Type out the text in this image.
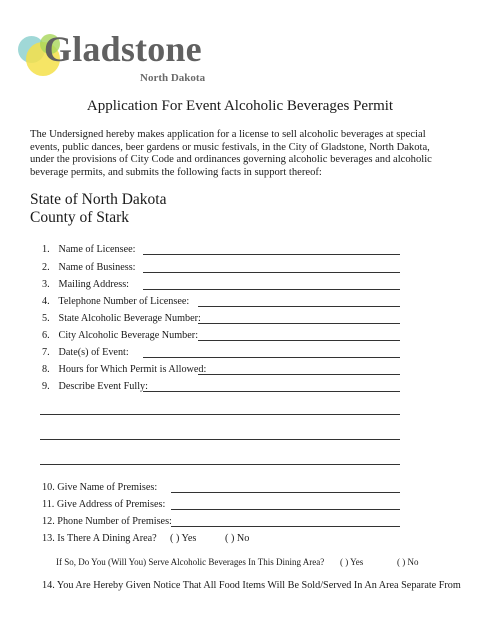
Gladstone
North Dakota
Application For Event Alcoholic Beverages Permit
The Undersigned hereby makes application for a license to sell alcoholic beverages at special events, public dances, beer gardens or music festivals, in the City of Gladstone, North Dakota, under the provisions of City Code and ordinances governing alcoholic beverages and alcoholic beverage permits, and submits the following facts in support thereof:
State of North Dakota
County of Stark
1. Name of Licensee:
2. Name of Business:
3. Mailing Address:
4. Telephone Number of Licensee:
5. State Alcoholic Beverage Number:
6. City Alcoholic Beverage Number:
7. Date(s) of Event:
8. Hours for Which Permit is Allowed:
9. Describe Event Fully:
10. Give Name of Premises:
11. Give Address of Premises:
12. Phone Number of Premises:
13. Is There A Dining Area? ( ) Yes	( ) No
If So, Do You (Will You) Serve Alcoholic Beverages In This Dining Area? ( ) Yes	( ) No
14. You Are Hereby Given Notice That All Food Items Will Be Sold/Served In An Area Separate From
